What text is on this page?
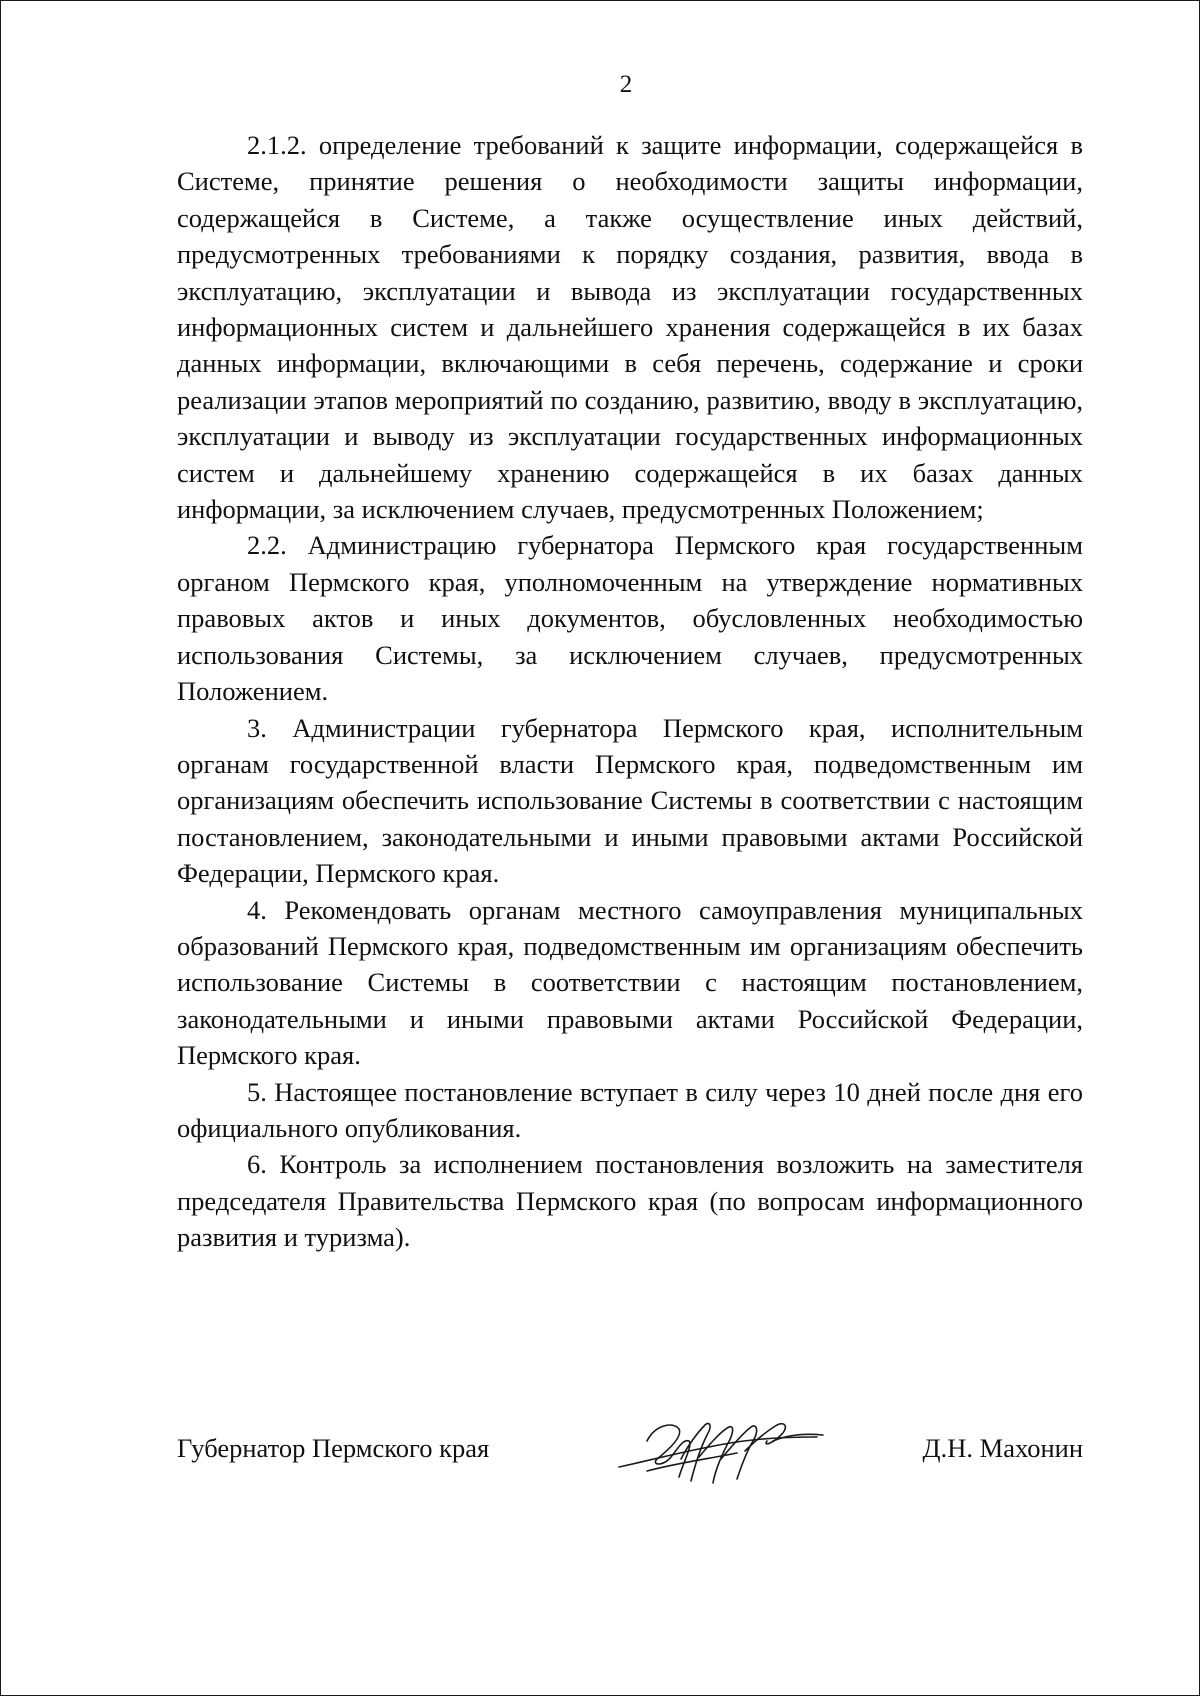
2

2.1.2. определение требований к защите информации, содержащейся в Системе, принятие решения о необходимости защиты информации, содержащейся в Системе, а также осуществление иных действий, предусмотренных требованиями к порядку создания, развития, ввода в эксплуатацию, эксплуатации и вывода из эксплуатации государственных информационных систем и дальнейшего хранения содержащейся в их базах данных информации, включающими в себя перечень, содержание и сроки реализации этапов мероприятий по созданию, развитию, вводу в эксплуатацию, эксплуатации и выводу из эксплуатации государственных информационных систем и дальнейшему хранению содержащейся в их базах данных информации, за исключением случаев, предусмотренных Положением;

2.2. Администрацию губернатора Пермского края государственным органом Пермского края, уполномоченным на утверждение нормативных правовых актов и иных документов, обусловленных необходимостью использования Системы, за исключением случаев, предусмотренных Положением.

3. Администрации губернатора Пермского края, исполнительным органам государственной власти Пермского края, подведомственным им организациям обеспечить использование Системы в соответствии с настоящим постановлением, законодательными и иными правовыми актами Российской Федерации, Пермского края.

4. Рекомендовать органам местного самоуправления муниципальных образований Пермского края, подведомственным им организациям обеспечить использование Системы в соответствии с настоящим постановлением, законодательными и иными правовыми актами Российской Федерации, Пермского края.

5. Настоящее постановление вступает в силу через 10 дней после дня его официального опубликования.

6. Контроль за исполнением постановления возложить на заместителя председателя Правительства Пермского края (по вопросам информационного развития и туризма).

Губернатор Пермского края	Д.Н. Махонин
